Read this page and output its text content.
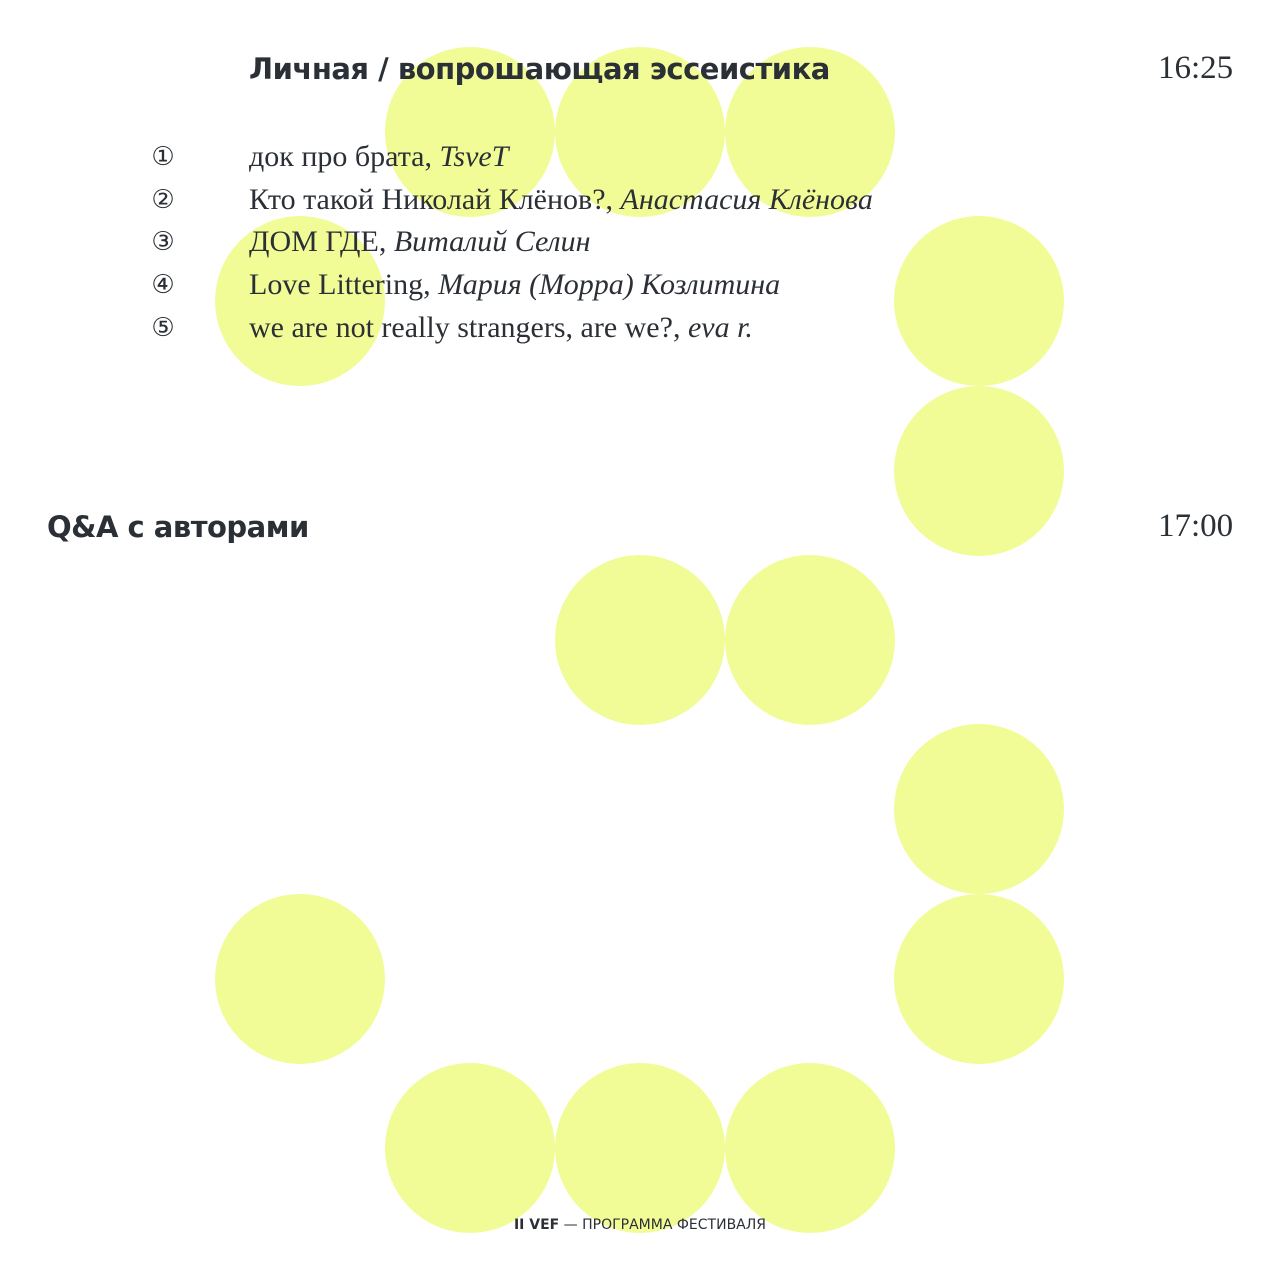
Личная / вопрошающая эссеистика	16:25
① док про брата, TsveT
② Кто такой Николай Клёнов?, Анастасия Клёнова
③ ДОМ ГДЕ, Виталий Селин
④ Love Littering, Мария (Морра) Козлитина
⑤ we are not really strangers, are we?, eva r.
Q&A с авторами	17:00
II VEF — ПРОГРАММА ФЕСТИВАЛЯ
